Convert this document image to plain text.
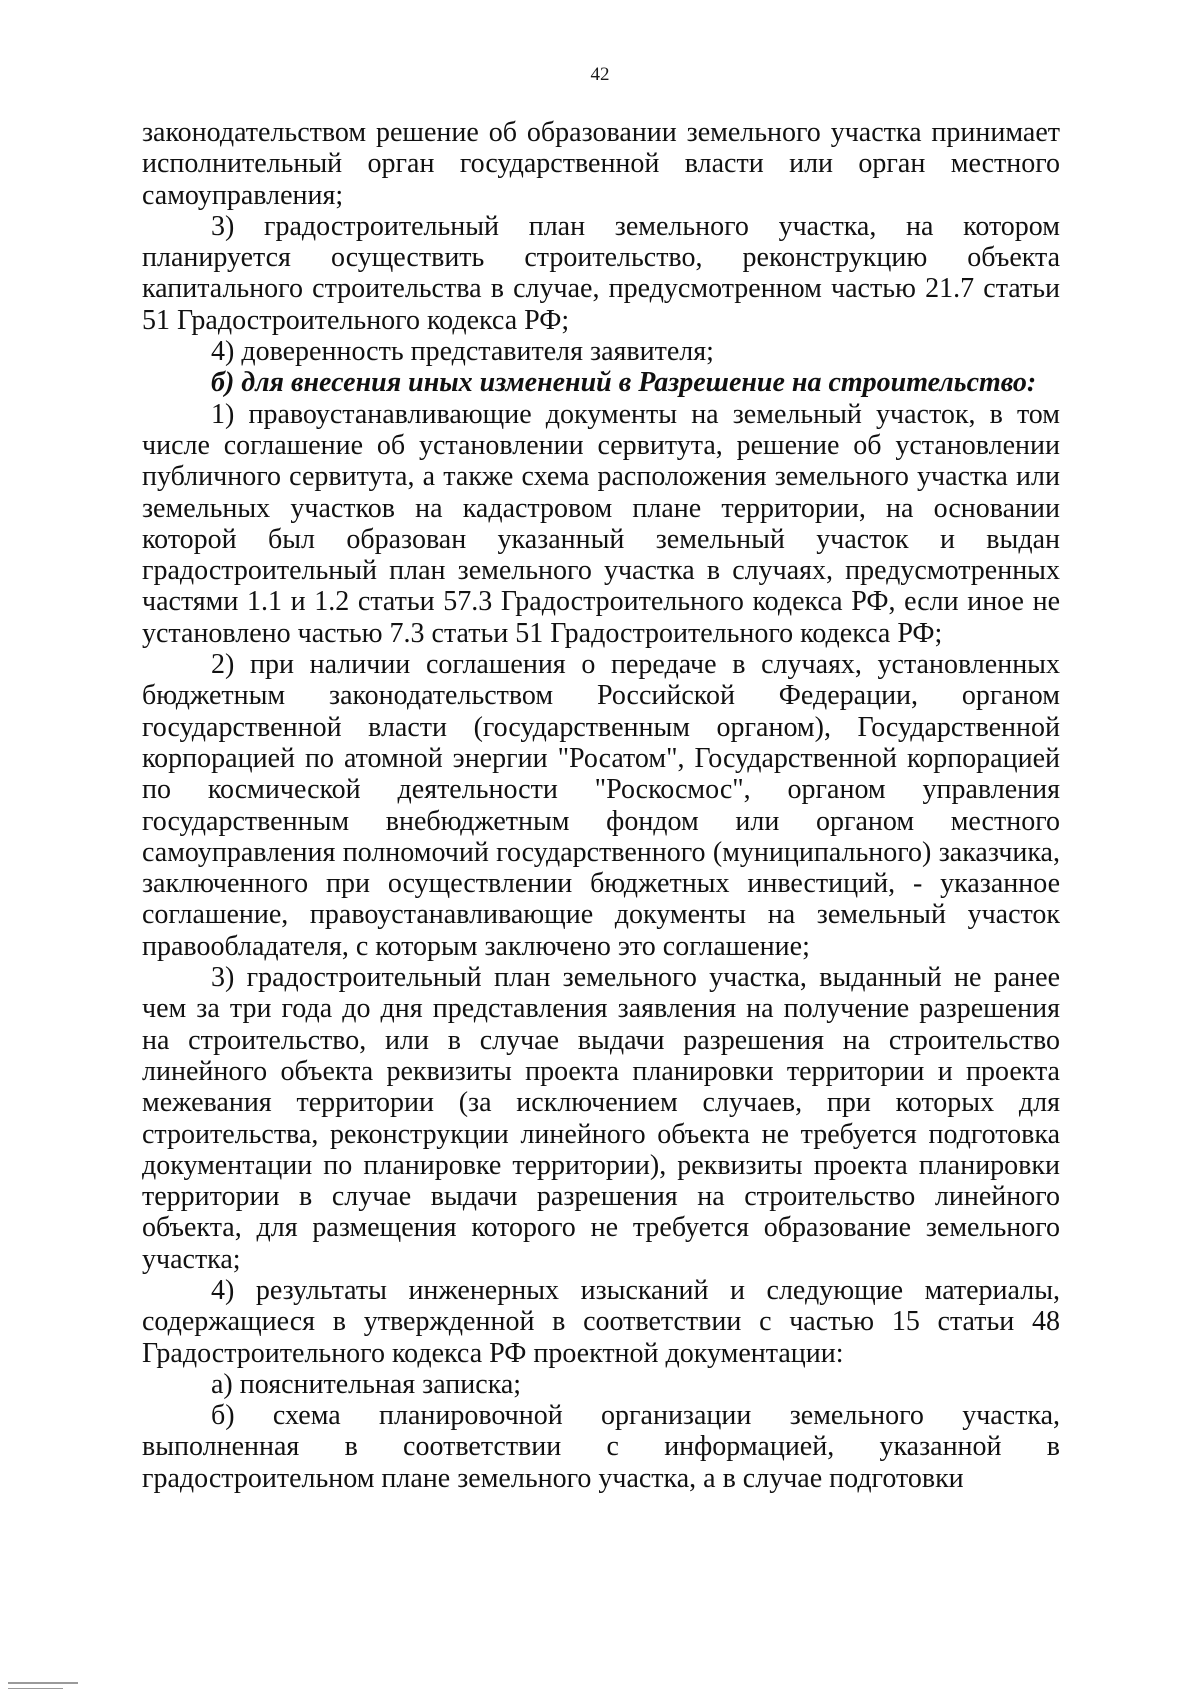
42

законодательством решение об образовании земельного участка принимает исполнительный орган государственной власти или орган местного самоуправления;

3) градостроительный план земельного участка, на котором планируется осуществить строительство, реконструкцию объекта капитального строительства в случае, предусмотренном частью 21.7 статьи 51 Градостроительного кодекса РФ;

4) доверенность представителя заявителя;

б) для внесения иных изменений в Разрешение на строительство:

1) правоустанавливающие документы на земельный участок, в том числе соглашение об установлении сервитута, решение об установлении публичного сервитута, а также схема расположения земельного участка или земельных участков на кадастровом плане территории, на основании которой был образован указанный земельный участок и выдан градостроительный план земельного участка в случаях, предусмотренных частями 1.1 и 1.2 статьи 57.3 Градостроительного кодекса РФ, если иное не установлено частью 7.3 статьи 51 Градостроительного кодекса РФ;

2) при наличии соглашения о передаче в случаях, установленных бюджетным законодательством Российской Федерации, органом государственной власти (государственным органом), Государственной корпорацией по атомной энергии "Росатом", Государственной корпорацией по космической деятельности "Роскосмос", органом управления государственным внебюджетным фондом или органом местного самоуправления полномочий государственного (муниципального) заказчика, заключенного при осуществлении бюджетных инвестиций, - указанное соглашение, правоустанавливающие документы на земельный участок правообладателя, с которым заключено это соглашение;

3) градостроительный план земельного участка, выданный не ранее чем за три года до дня представления заявления на получение разрешения на строительство, или в случае выдачи разрешения на строительство линейного объекта реквизиты проекта планировки территории и проекта межевания территории (за исключением случаев, при которых для строительства, реконструкции линейного объекта не требуется подготовка документации по планировке территории), реквизиты проекта планировки территории в случае выдачи разрешения на строительство линейного объекта, для размещения которого не требуется образование земельного участка;

4) результаты инженерных изысканий и следующие материалы, содержащиеся в утвержденной в соответствии с частью 15 статьи 48 Градостроительного кодекса РФ проектной документации:

а) пояснительная записка;

б) схема планировочной организации земельного участка, выполненная в соответствии с информацией, указанной в градостроительном плане земельного участка, а в случае подготовки
